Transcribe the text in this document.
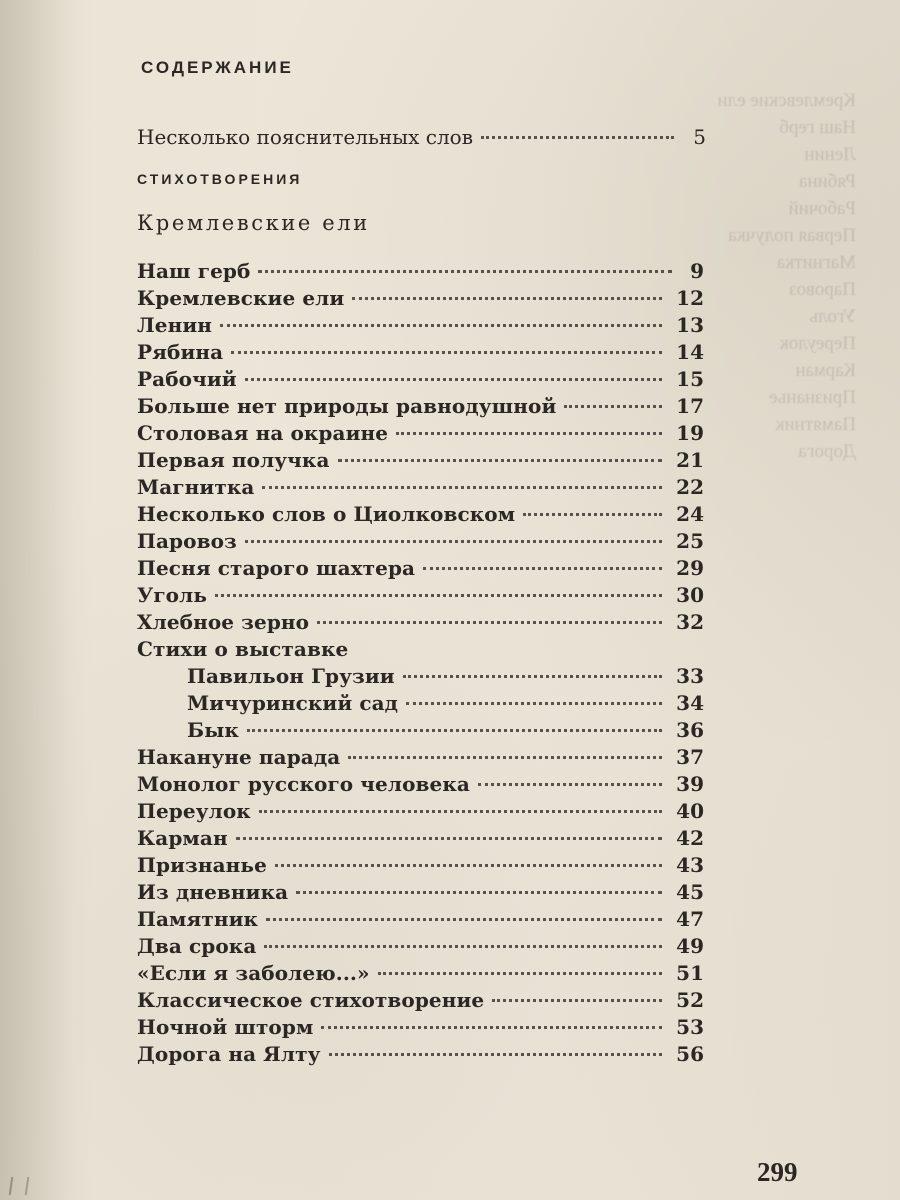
Кремлевские ели
Наш герб
Ленин
Рябина
Рабочий
Первая получка
Магнитка
Паровоз
Уголь
Переулок
Карман
Признанье
Памятник
Дорога

СОДЕРЖАНИЕ
Несколько пояснительных слов	5
СТИХОТВОРЕНИЯ
Кремлевские ели
Наш герб	9
Кремлевские ели	12
Ленин	13
Рябина	14
Рабочий	15
Больше нет природы равнодушной	17
Столовая на окраине	19
Первая получка	21
Магнитка	22
Несколько слов о Циолковском	24
Паровоз	25
Песня старого шахтера	29
Уголь	30
Хлебное зерно	32
Стихи о выставке
Павильон Грузии	33
Мичуринский сад	34
Бык	36
Накануне парада	37
Монолог русского человека	39
Переулок	40
Карман	42
Признанье	43
Из дневника	45
Памятник	47
Два срока	49
«Если я заболею...»	51
Классическое стихотворение	52
Ночной шторм	53
Дорога на Ялту	56
299
